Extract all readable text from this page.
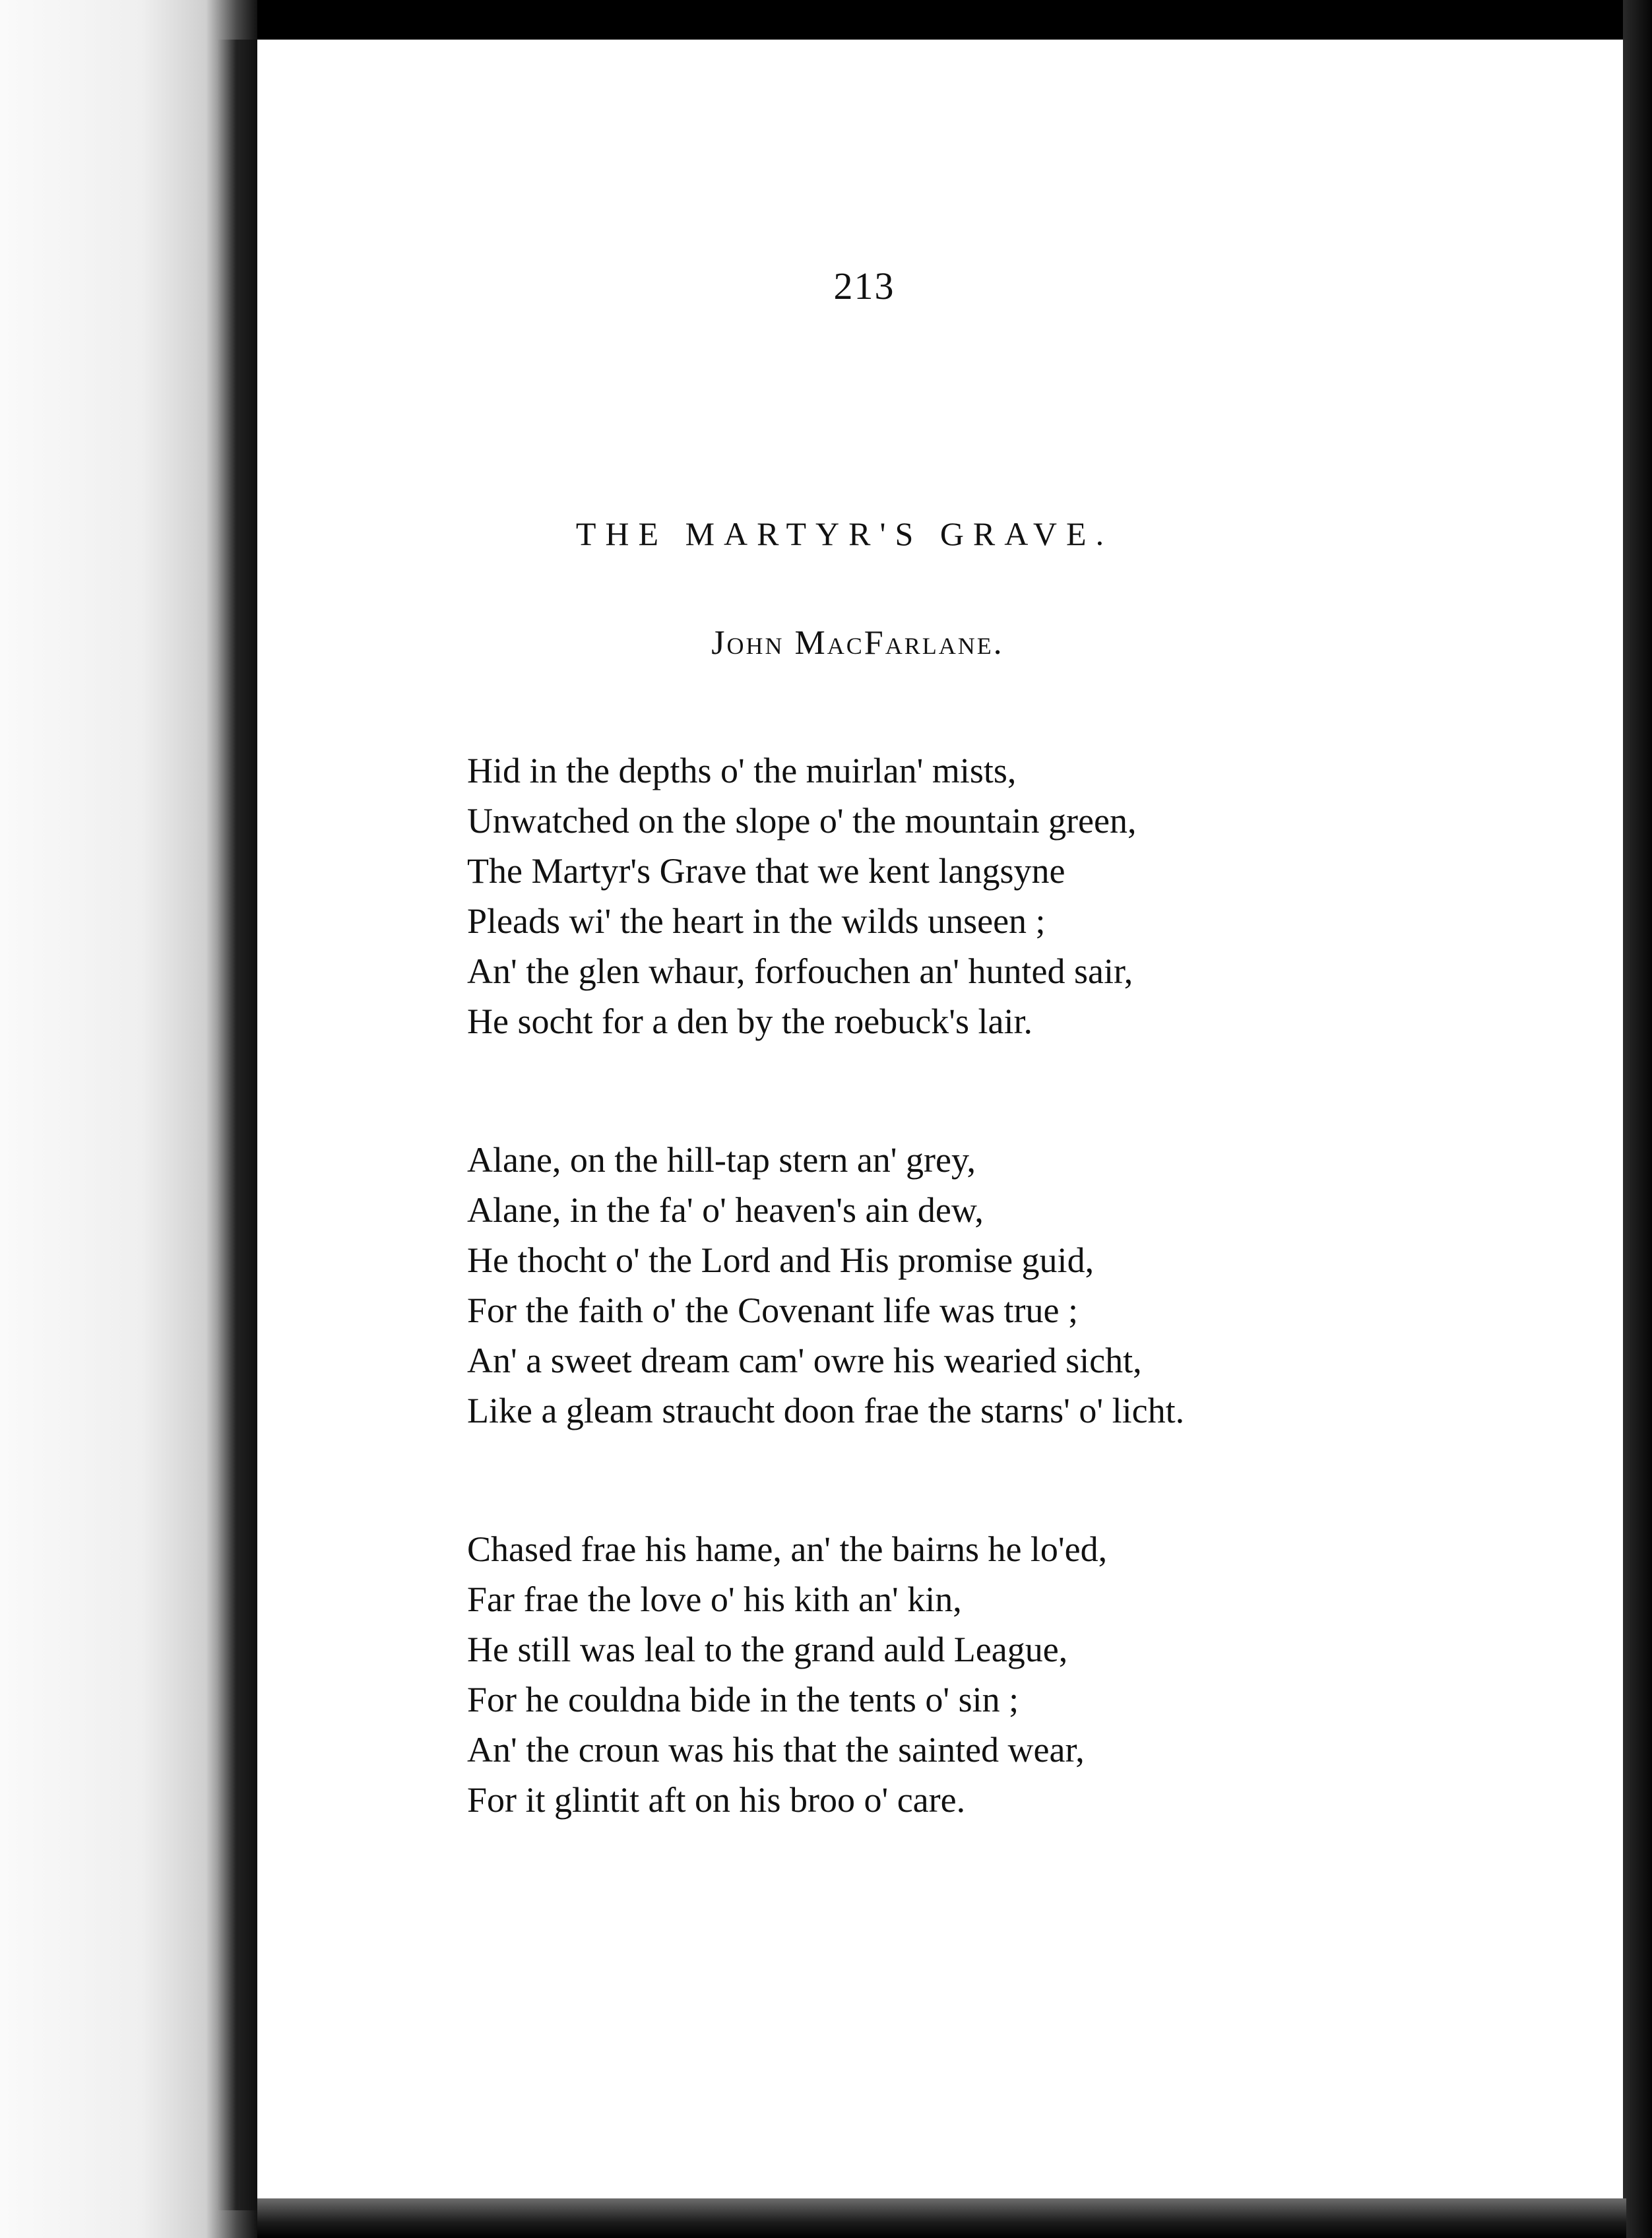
213
THE MARTYR'S GRAVE.
John MacFarlane.
Hid in the depths o' the muirlan' mists,
Unwatched on the slope o' the mountain green,
The Martyr's Grave that we kent langsyne
Pleads wi' the heart in the wilds unseen ;
An' the glen whaur, forfouchen an' hunted sair,
He socht for a den by the roebuck's lair.
Alane, on the hill-tap stern an' grey,
Alane, in the fa' o' heaven's ain dew,
He thocht o' the Lord and His promise guid,
For the faith o' the Covenant life was true ;
An' a sweet dream cam' owre his wearied sicht,
Like a gleam straucht doon frae the starns' o' licht.
Chased frae his hame, an' the bairns he lo'ed,
Far frae the love o' his kith an' kin,
He still was leal to the grand auld League,
For he couldna bide in the tents o' sin ;
An' the croun was his that the sainted wear,
For it glintit aft on his broo o' care.
